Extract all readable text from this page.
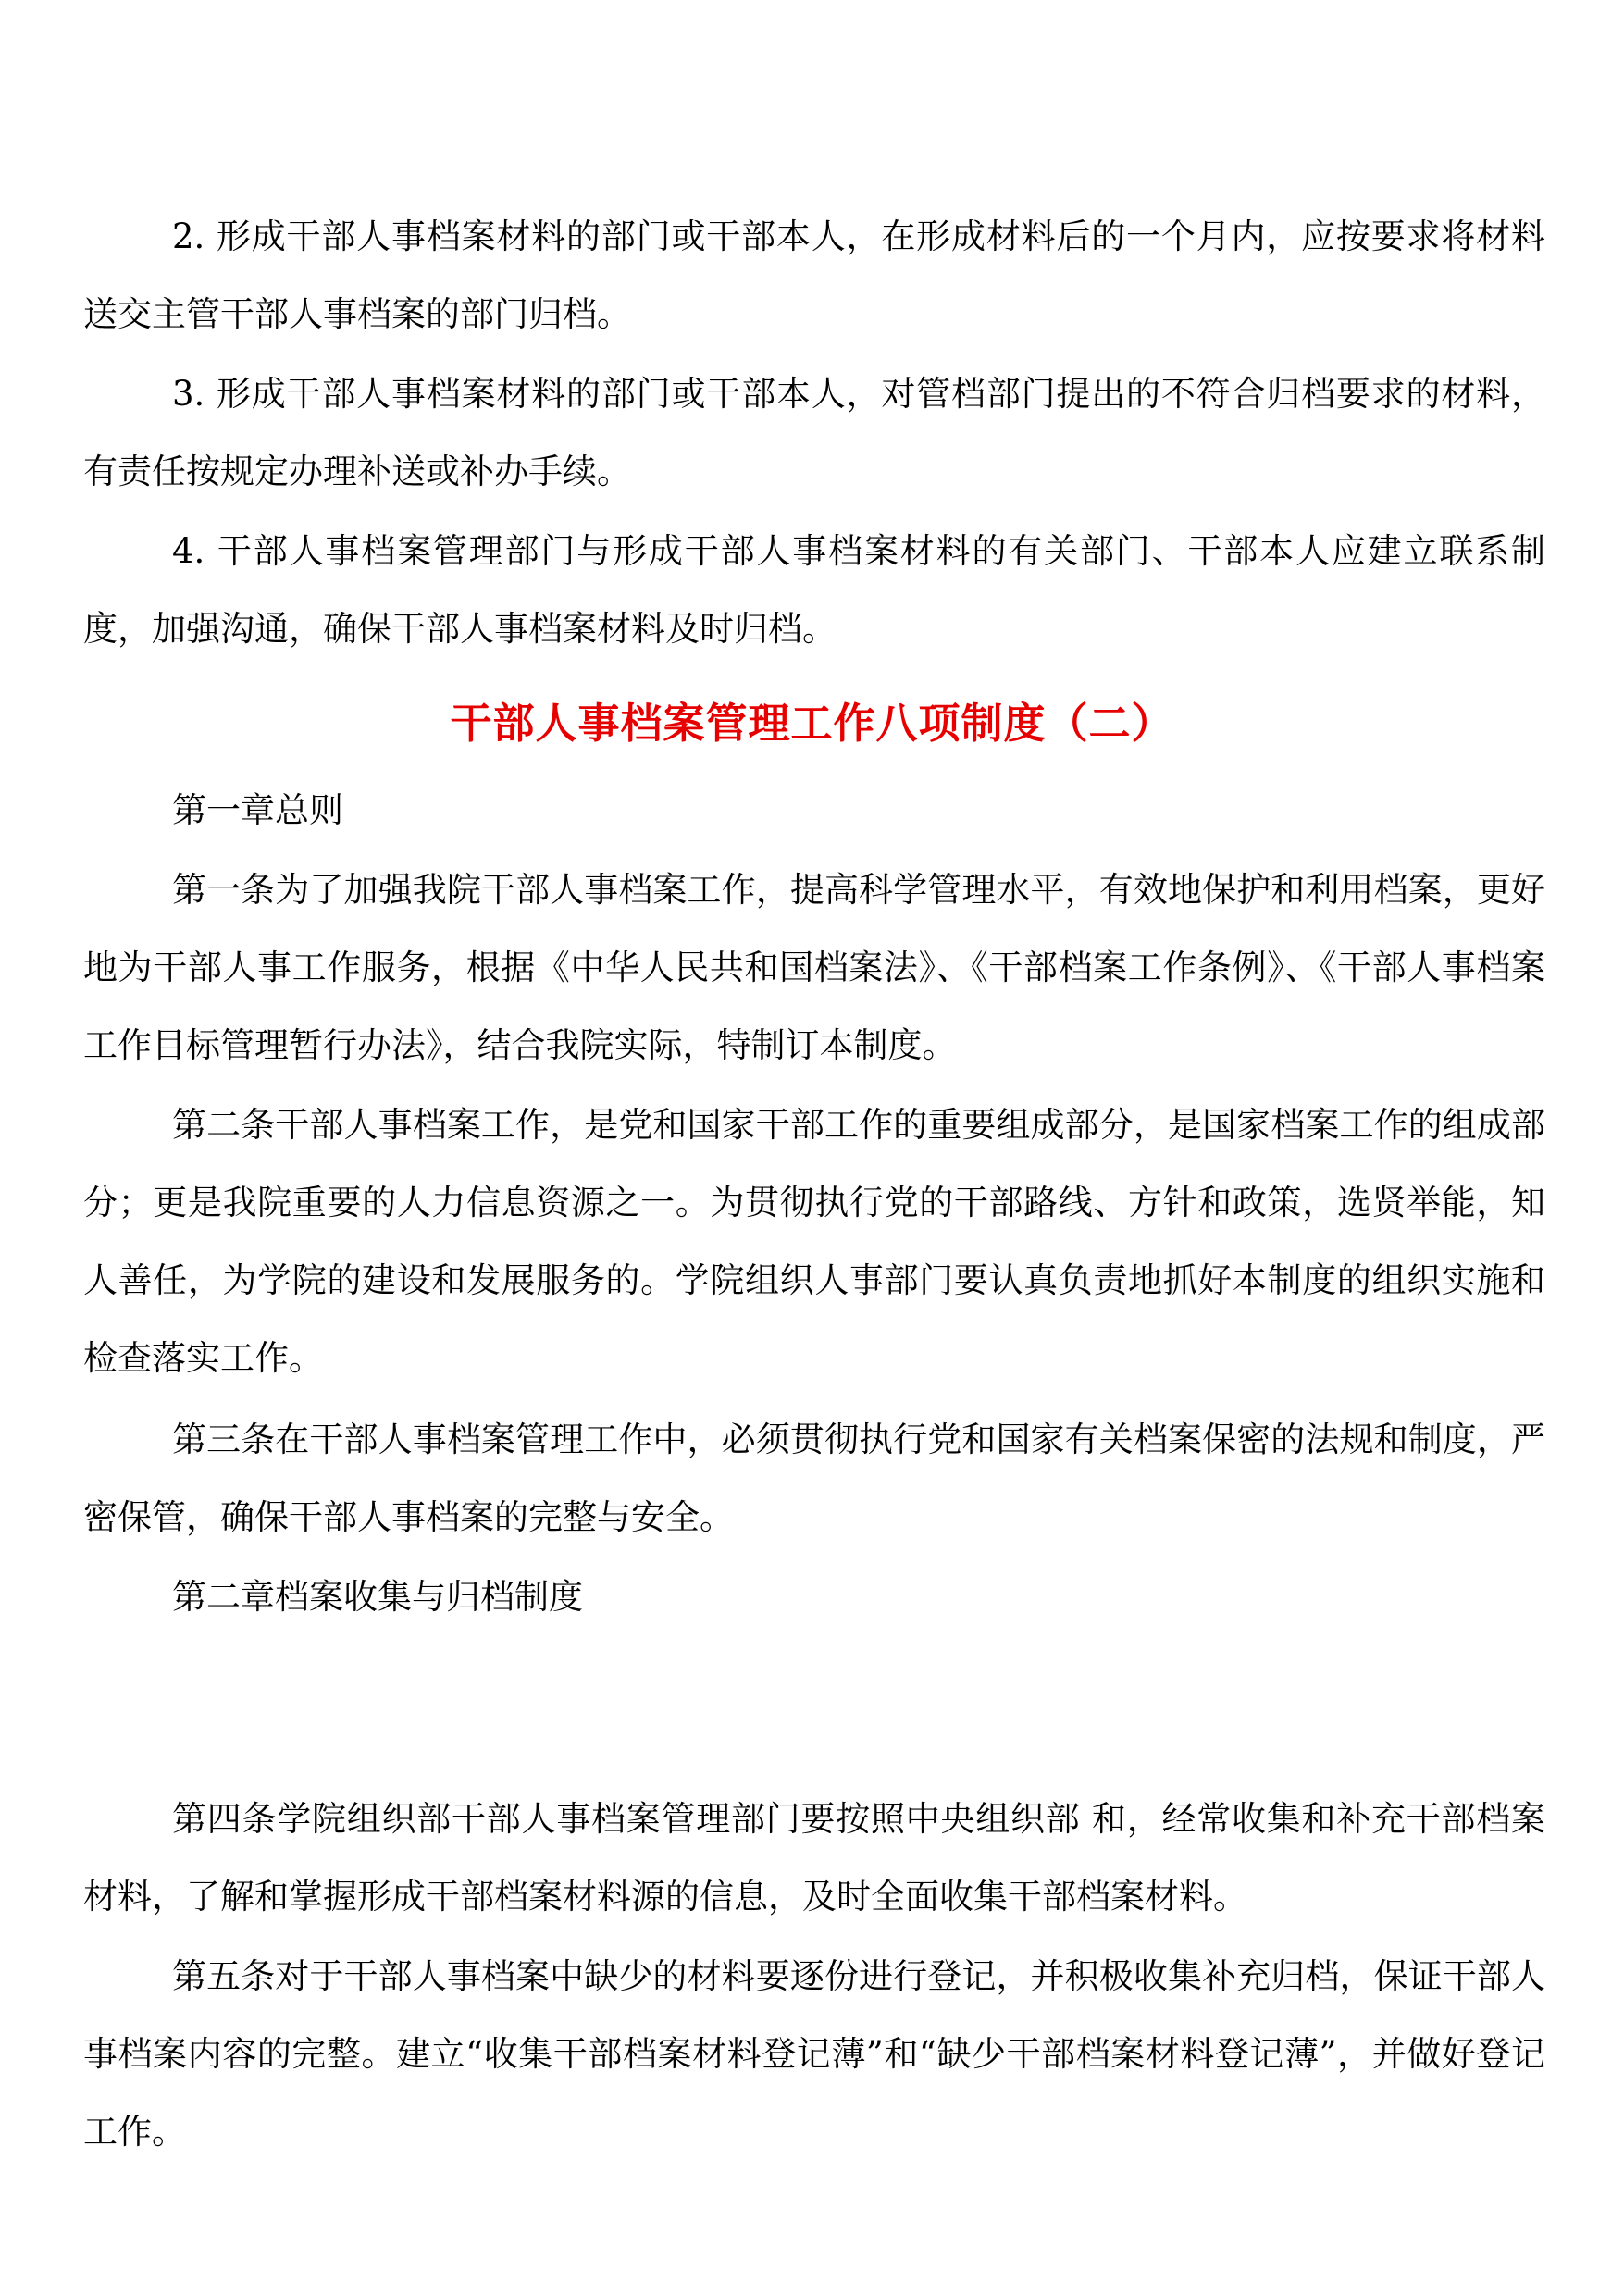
2. 形成干部人事档案材料的部门或干部本人，在形成材料后的一个月内，应按要求将材料送交主管干部人事档案的部门归档。

3. 形成干部人事档案材料的部门或干部本人，对管档部门提出的不符合归档要求的材料，有责任按规定办理补送或补办手续。

4. 干部人事档案管理部门与形成干部人事档案材料的有关部门、干部本人应建立联系制度，加强沟通，确保干部人事档案材料及时归档。

干部人事档案管理工作八项制度（二）

第一章总则

第一条为了加强我院干部人事档案工作，提高科学管理水平，有效地保护和利用档案，更好地为干部人事工作服务，根据《中华人民共和国档案法》、《干部档案工作条例》、《干部人事档案工作目标管理暂行办法》，结合我院实际，特制订本制度。

第二条干部人事档案工作，是党和国家干部工作的重要组成部分，是国家档案工作的组成部分；更是我院重要的人力信息资源之一。为贯彻执行党的干部路线、方针和政策，选贤举能，知人善任，为学院的建设和发展服务的。学院组织人事部门要认真负责地抓好本制度的组织实施和检查落实工作。

第三条在干部人事档案管理工作中，必须贯彻执行党和国家有关档案保密的法规和制度，严密保管，确保干部人事档案的完整与安全。

第二章档案收集与归档制度

第四条学院组织部干部人事档案管理部门要按照中央组织部 和，经常收集和补充干部档案材料，了解和掌握形成干部档案材料源的信息，及时全面收集干部档案材料。

第五条对于干部人事档案中缺少的材料要逐份进行登记，并积极收集补充归档，保证干部人事档案内容的完整。建立“收集干部档案材料登记薄”和“缺少干部档案材料登记薄”，并做好登记工作。
